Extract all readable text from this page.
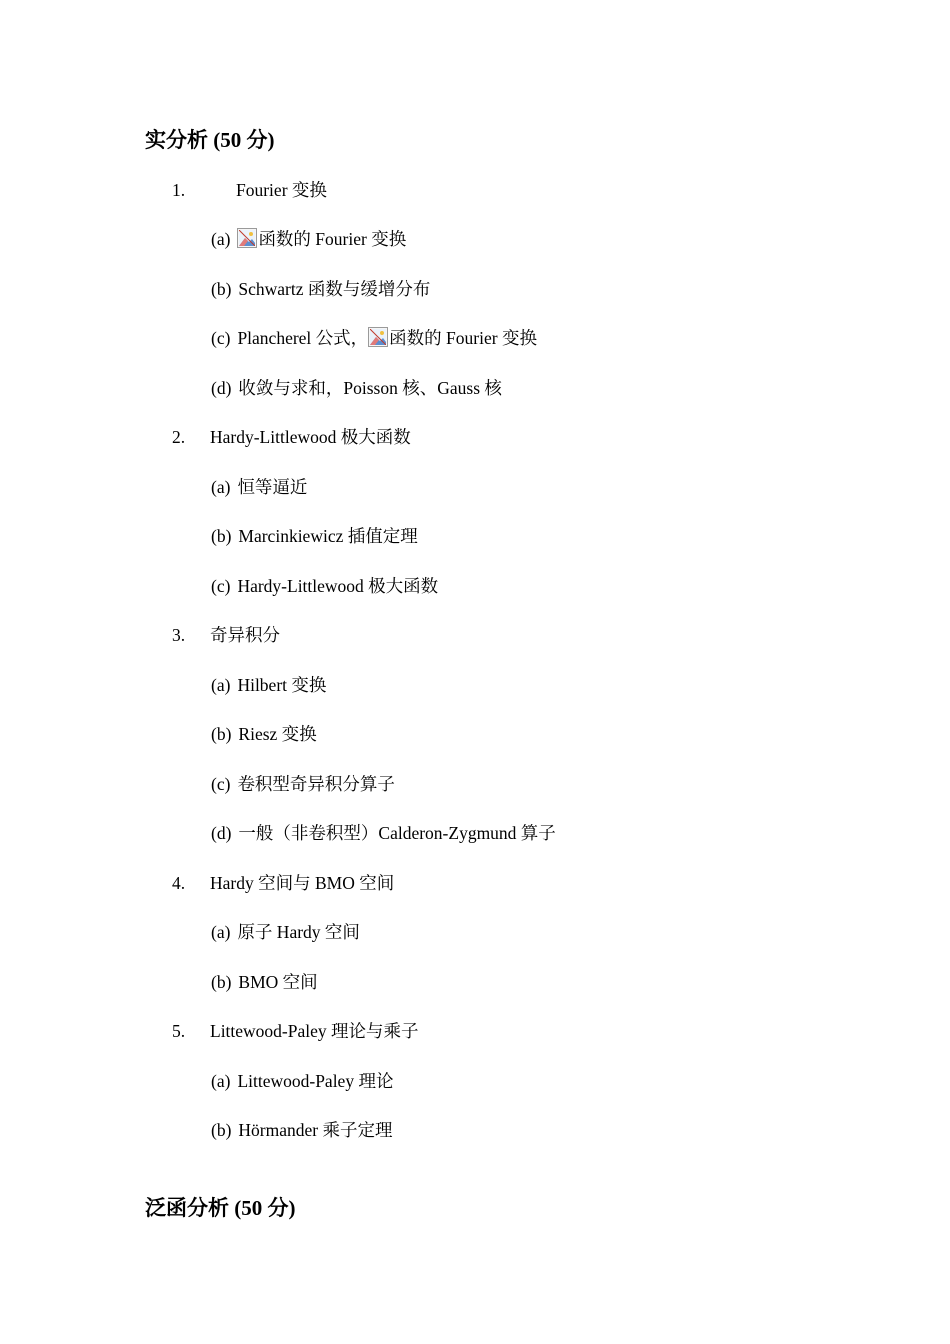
实分析 (50 分)
1.	Fourier 变换
(a) 函数的 Fourier 变换
(b) Schwartz 函数与缓增分布
(c) Plancherel 公式， 函数的 Fourier 变换
(d) 收敛与求和，Poisson 核、Gauss 核
2. Hardy-Littlewood 极大函数
(a) 恒等逼近
(b) Marcinkiewicz 插值定理
(c) Hardy-Littlewood 极大函数
3. 奇异积分
(a) Hilbert 变换
(b) Riesz 变换
(c) 卷积型奇异积分算子
(d) 一般（非卷积型）Calderon-Zygmund 算子
4. Hardy 空间与 BMO 空间
(a) 原子 Hardy 空间
(b) BMO 空间
5. Littewood-Paley 理论与乘子
(a) Littewood-Paley 理论
(b) Hӧrmander 乘子定理
泛函分析 (50 分)
